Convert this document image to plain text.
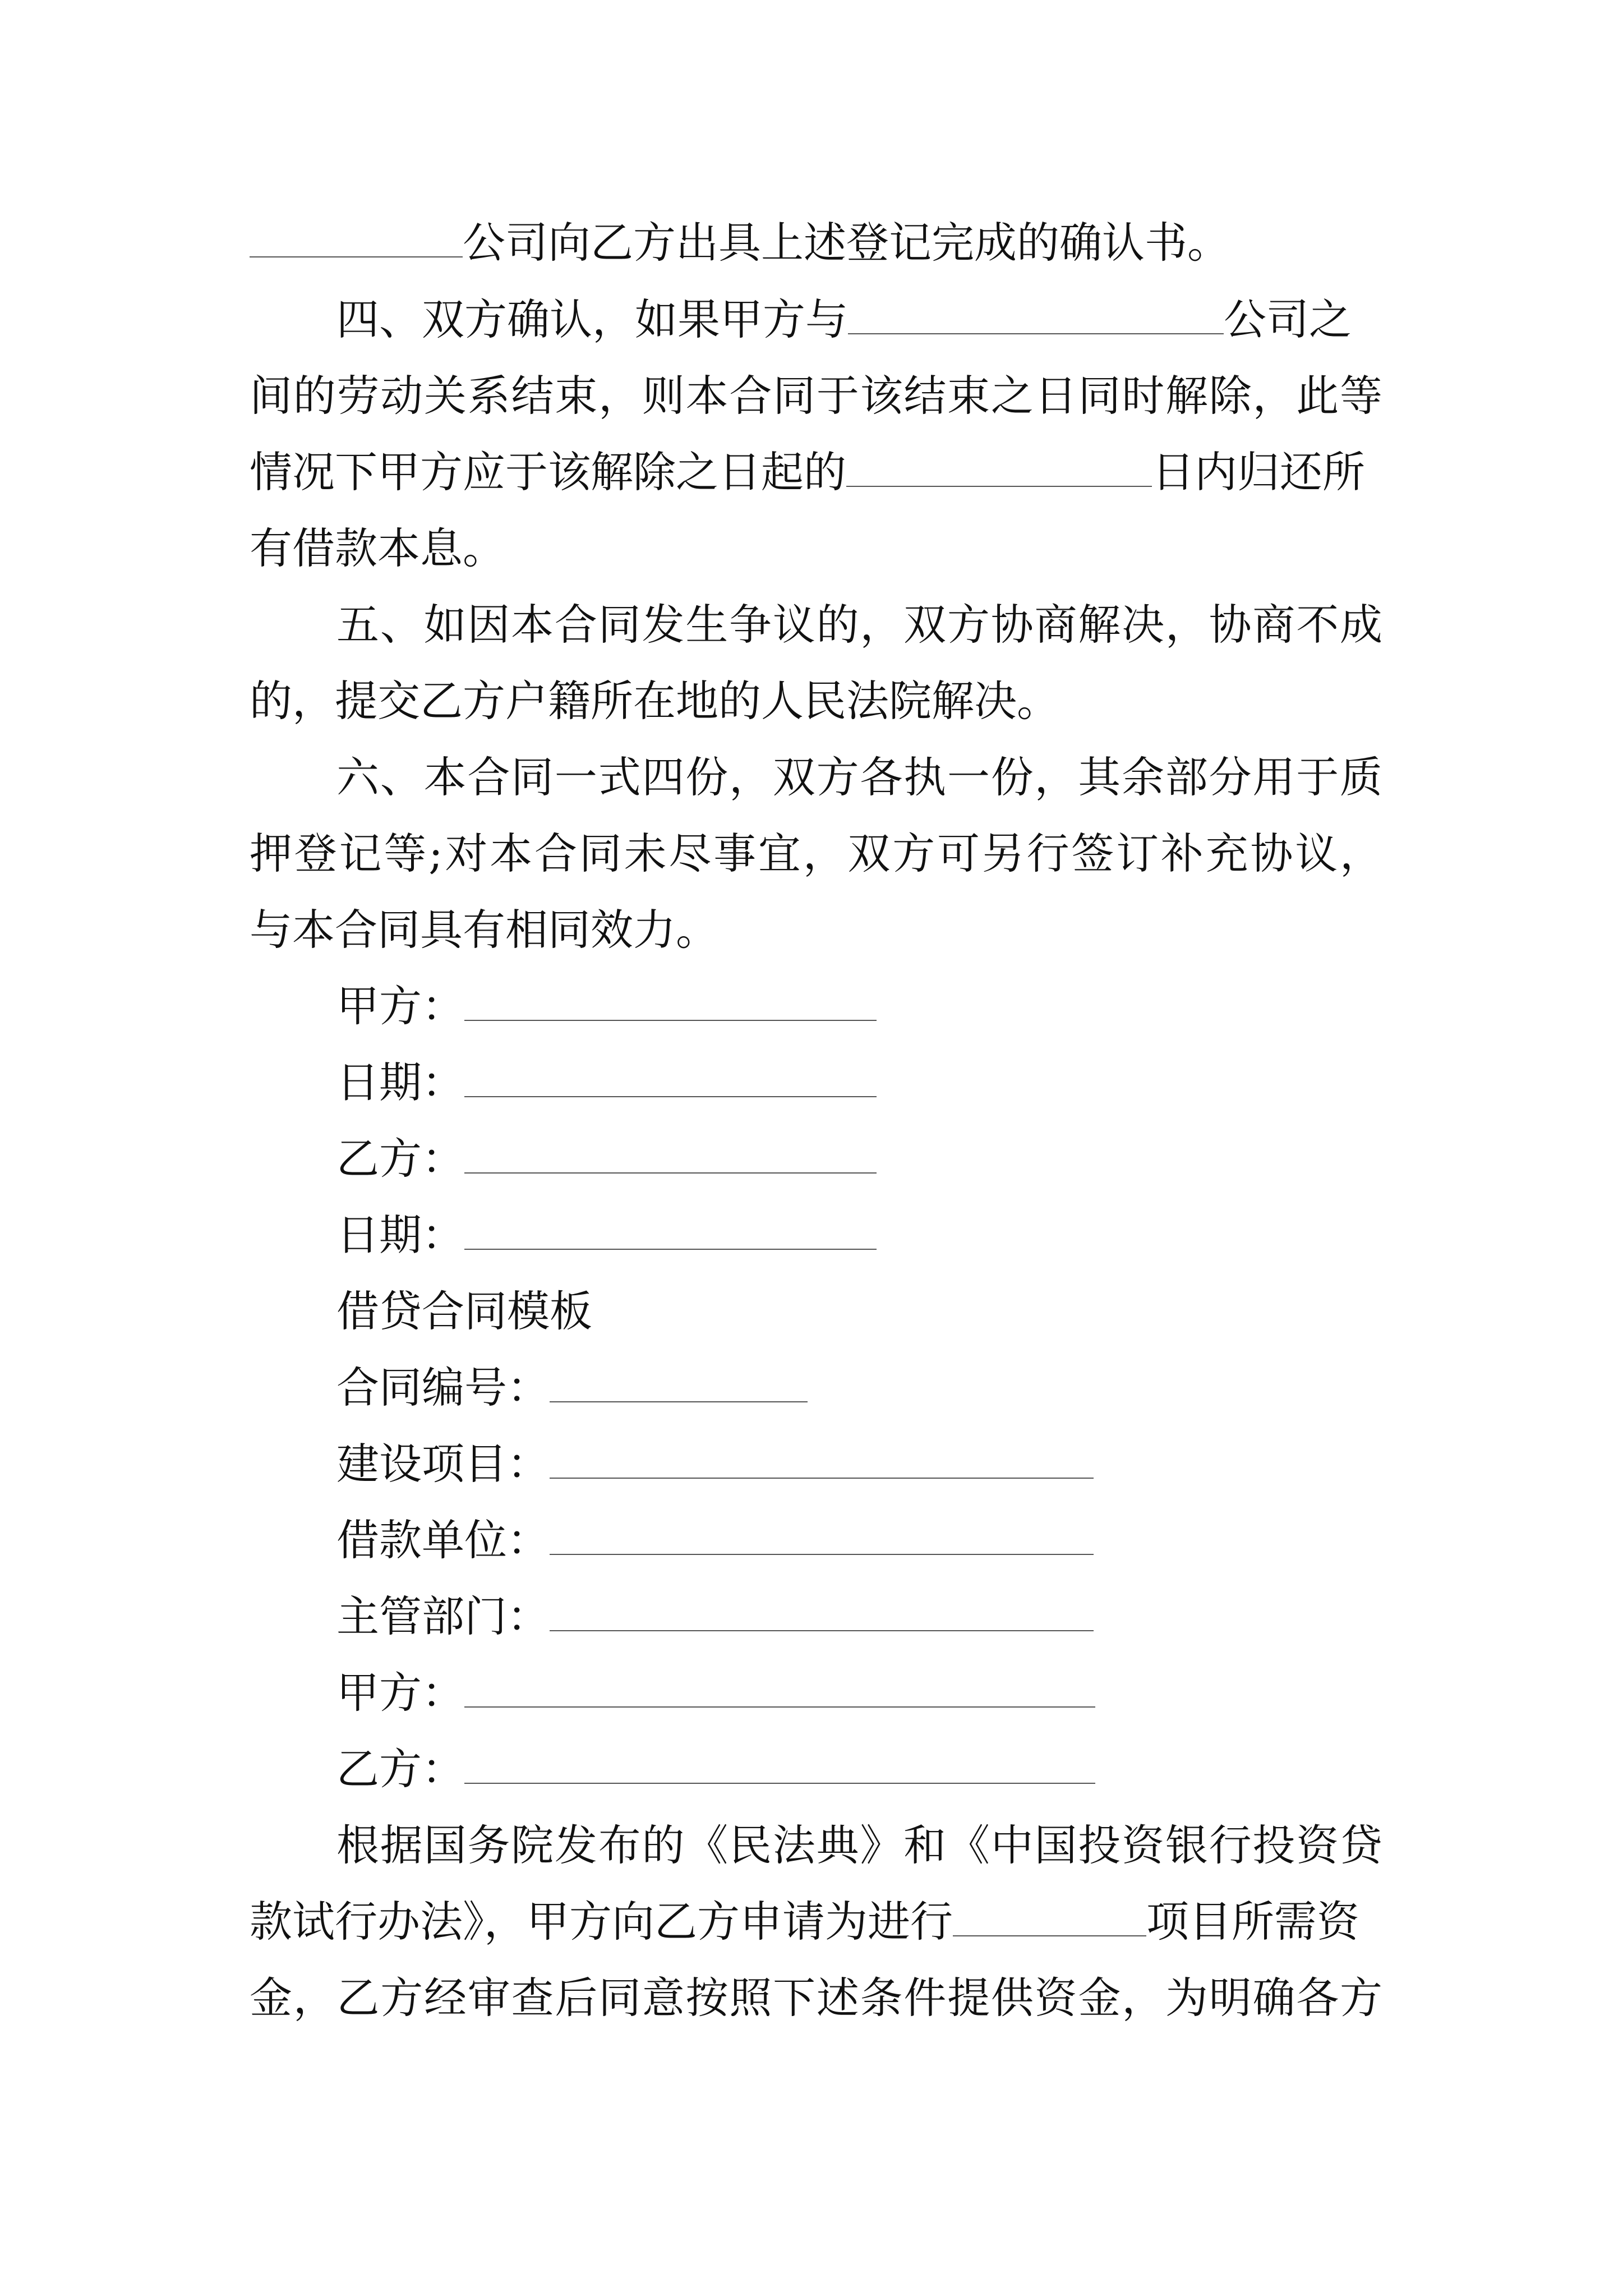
公司向乙方出具上述登记完成的确认书。
四、双方确认，如果甲方与	公司之
间的劳动关系结束，则本合同于该结束之日同时解除，此等
情况下甲方应于该解除之日起的	日内归还所
有借款本息。
五、如因本合同发生争议的，双方协商解决，协商不成
的，提交乙方户籍所在地的人民法院解决。
六、本合同一式四份，双方各执一份，其余部分用于质
押登记等;对本合同未尽事宜，双方可另行签订补充协议，
与本合同具有相同效力。
甲方：
日期：
乙方：
日期：
借贷合同模板
合同编号：
建设项目：
借款单位：
主管部门：
甲方：
乙方：
根据国务院发布的《民法典》和《中国投资银行投资贷
款试行办法》，甲方向乙方申请为进行	项目所需资
金，乙方经审查后同意按照下述条件提供资金，为明确各方
